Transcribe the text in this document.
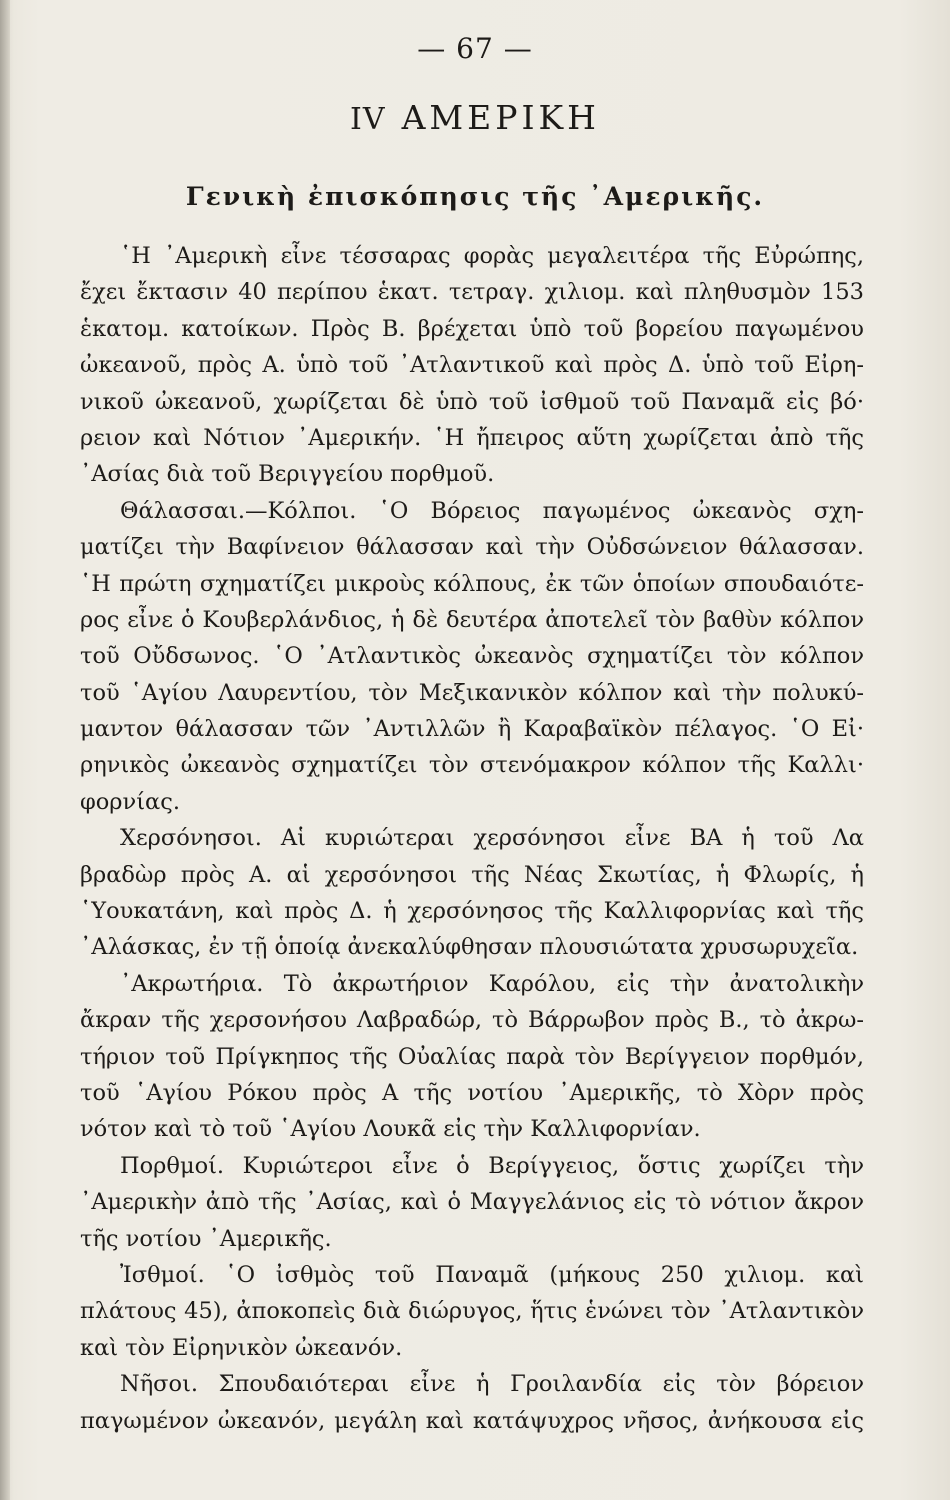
— 67 —
IV ΑΜΕΡΙΚΗ
Γενικὴ ἐπισκόπησις τῆς ᾿Αμερικῆς.
῾Η ᾿Αμερικὴ εἶνε τέσσαρας φορὰς μεγαλειτέρα τῆς Εὐρώπης,
ἔχει ἔκτασιν 40 περίπου ἑκατ. τετραγ. χιλιομ. καὶ πληθυσμὸν 153
ἑκατομ. κατοίκων. Πρὸς Β. βρέχεται ὑπὸ τοῦ βορείου παγωμένου
ὠκεανοῦ, πρὸς Α. ὑπὸ τοῦ ᾿Ατλαντικοῦ καὶ πρὸς Δ. ὑπὸ τοῦ Εἰρη-
νικοῦ ὠκεανοῦ, χωρίζεται δὲ ὑπὸ τοῦ ἰσθμοῦ τοῦ Παναμᾶ εἰς βό·
ρειον καὶ Νότιον ᾿Αμερικήν. ῾Η ἤπειρος αὕτη χωρίζεται ἀπὸ τῆς
᾿Ασίας διὰ τοῦ Βεριγγείου πορθμοῦ.
Θάλασσαι.—Κόλποι. ῾Ο Βόρειος παγωμένος ὠκεανὸς σχη-
ματίζει τὴν Βαφίνειον θάλασσαν καὶ τὴν Οὐδσώνειον θάλασσαν.
῾Η πρώτη σχηματίζει μικροὺς κόλπους, ἐκ τῶν ὁποίων σπουδαιότε-
ρος εἶνε ὁ Κουβερλάνδιος, ἡ δὲ δευτέρα ἀποτελεῖ τὸν βαθὺν κόλπον
τοῦ Οὔδσωνος. ῾Ο ᾿Ατλαντικὸς ὠκεανὸς σχηματίζει τὸν κόλπον
τοῦ ῾Αγίου Λαυρεντίου, τὸν Μεξικανικὸν κόλπον καὶ τὴν πολυκύ-
μαντον θάλασσαν τῶν ᾿Αντιλλῶν ἢ Καραβαϊκὸν πέλαγος. ῾Ο Εἰ·
ρηνικὸς ὠκεανὸς σχηματίζει τὸν στενόμακρον κόλπον τῆς Καλλι·
φορνίας.
Χερσόνησοι. Αἱ κυριώτεραι χερσόνησοι εἶνε ΒΑ ἡ τοῦ Λα
βραδὼρ πρὸς Α. αἱ χερσόνησοι τῆς Νέας Σκωτίας, ἡ Φλωρίς, ἡ
῾Υουκατάνη, καὶ πρὸς Δ. ἡ χερσόνησος τῆς Καλλιφορνίας καὶ τῆς
᾿Αλάσκας, ἐν τῇ ὁποίᾳ ἀνεκαλύφθησαν πλουσιώτατα χρυσωρυχεῖα.
᾿Ακρωτήρια. Τὸ ἀκρωτήριον Καρόλου, εἰς τὴν ἀνατολικὴν
ἄκραν τῆς χερσονήσου Λαβραδώρ, τὸ Βάρρωβον πρὸς Β., τὸ ἀκρω-
τήριον τοῦ Πρίγκηπος τῆς Οὐαλίας παρὰ τὸν Βερίγγειον πορθμόν,
τοῦ ῾Αγίου Ρόκου πρὸς Α τῆς νοτίου ᾿Αμερικῆς, τὸ Χὸρν πρὸς
νότον καὶ τὸ τοῦ ῾Αγίου Λουκᾶ εἰς τὴν Καλλιφορνίαν.
Πορθμοί. Κυριώτεροι εἶνε ὁ Βερίγγειος, ὅστις χωρίζει τὴν
᾿Αμερικὴν ἀπὸ τῆς ᾿Ασίας, καὶ ὁ Μαγγελάνιος εἰς τὸ νότιον ἄκρον
τῆς νοτίου ᾿Αμερικῆς.
Ἰσθμοί. ῾Ο ἰσθμὸς τοῦ Παναμᾶ (μήκους 250 χιλιομ. καὶ
πλάτους 45), ἀποκοπεὶς διὰ διώρυγος, ἥτις ἑνώνει τὸν ᾿Ατλαντικὸν
καὶ τὸν Εἰρηνικὸν ὠκεανόν.
Νῆσοι. Σπουδαιότεραι εἶνε ἡ Γροιλανδία εἰς τὸν βόρειον
παγωμένον ὠκεανόν, μεγάλη καὶ κατάψυχρος νῆσος, ἀνήκουσα εἰς
